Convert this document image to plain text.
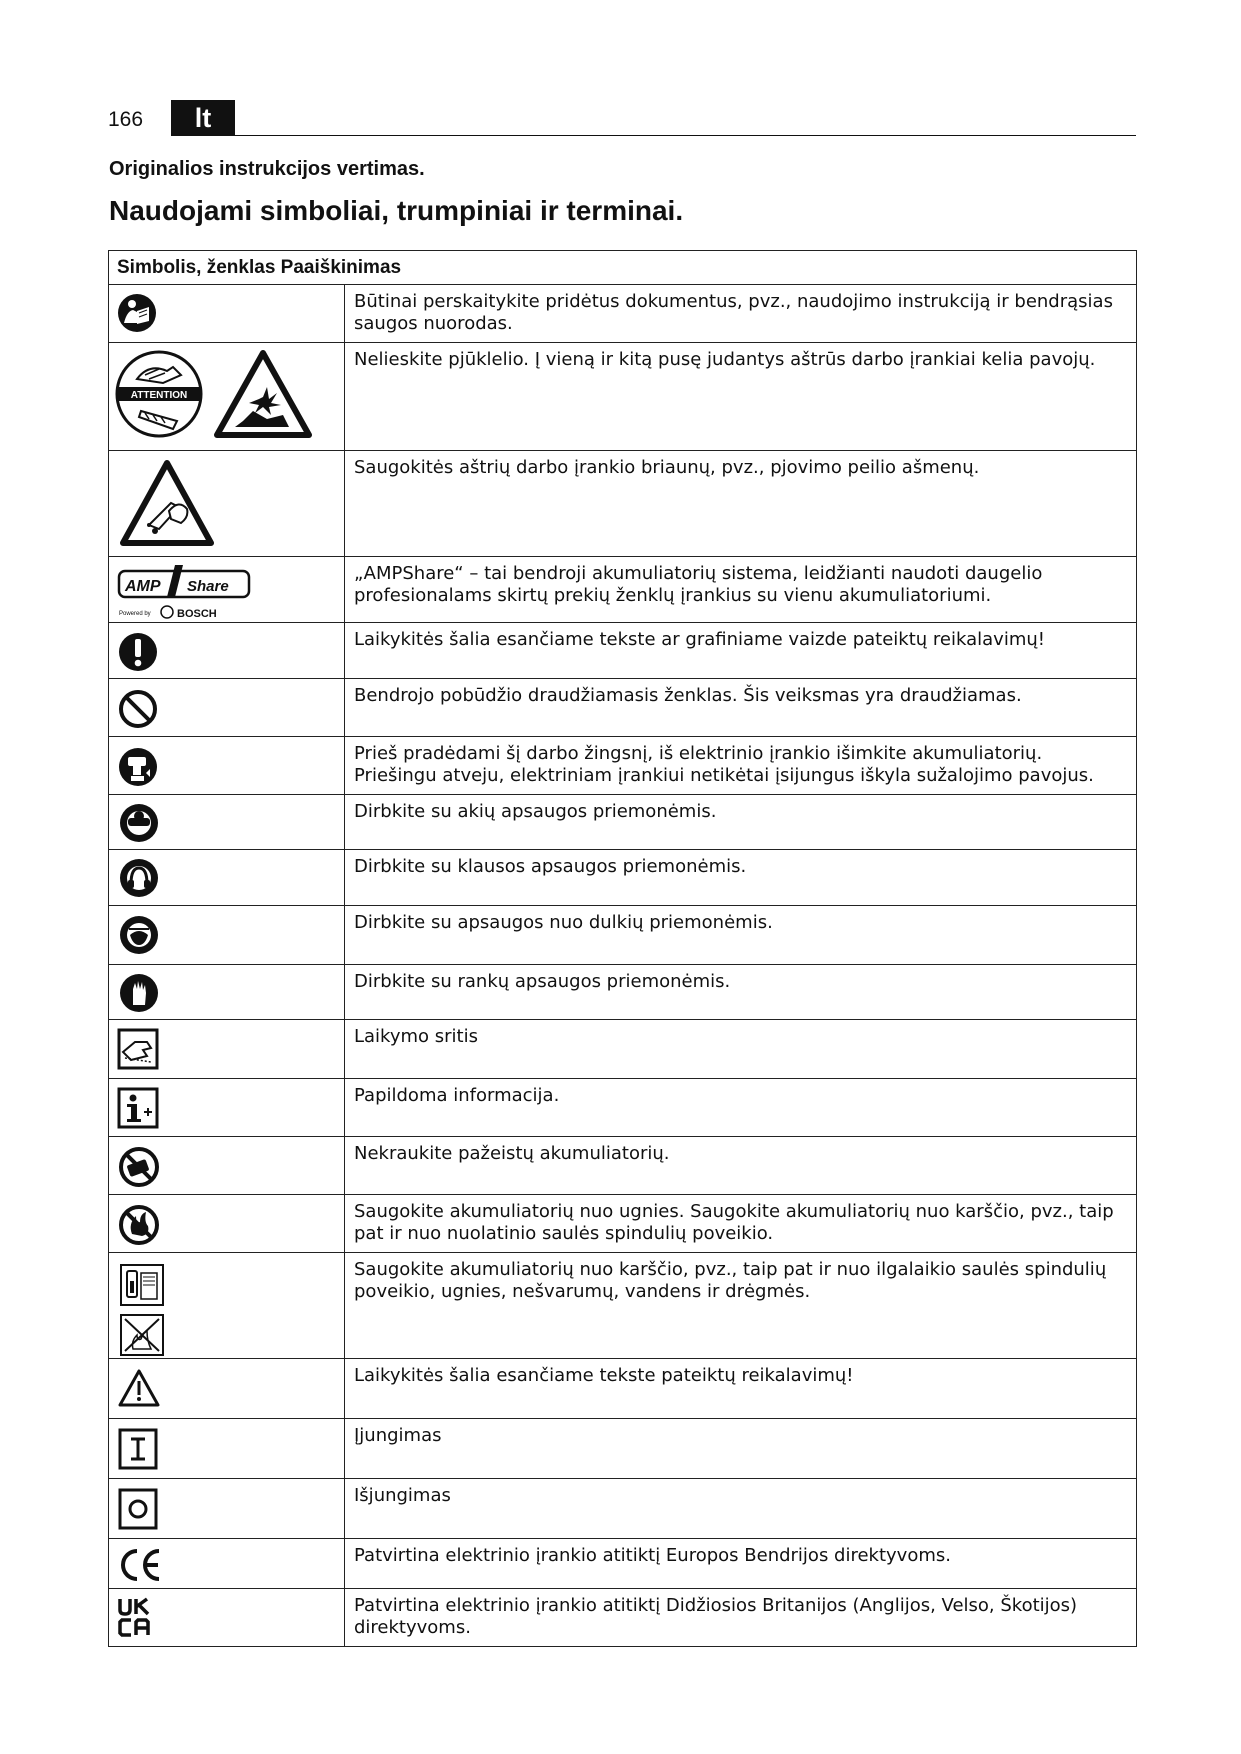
166	lt
Originalios instrukcijos vertimas.
Naudojami simboliai, trumpiniai ir terminai.
Simbolis, ženklas Paaiškinimas	

	Būtinai perskaitykite pridėtus dokumentus, pvz., naudojimo instrukciją ir bendrąsias saugos nuorodas.

ATTENTION	Nelieskite pjūklelio. Į vieną ir kitą pusę judantys aštrūs darbo įrankiai kelia pavojų.

	Saugokitės aštrių darbo įrankio briaunų, pvz., pjovimo peilio ašmenų.

AMP Share
Powered by BOSCH	„AMPShare“ – tai bendroji akumuliatorių sistema, leidžianti naudoti daugelio profesionalams skirtų prekių ženklų įrankius su vienu akumuliatoriumi.

	Laikykitės šalia esančiame tekste ar grafiniame vaizde pateiktų reikalavimų!

	Bendrojo pobūdžio draudžiamasis ženklas. Šis veiksmas yra draudžiamas.

	Prieš pradėdami šį darbo žingsnį, iš elektrinio įrankio išimkite akumuliatorių. Priešingu atveju, elektriniam įrankiui netikėtai įsijungus iškyla sužalojimo pavojus.

	Dirbkite su akių apsaugos priemonėmis.

	Dirbkite su klausos apsaugos priemonėmis.

	Dirbkite su apsaugos nuo dulkių priemonėmis.

	Dirbkite su rankų apsaugos priemonėmis.

	Laikymo sritis

	Papildoma informacija.

	Nekraukite pažeistų akumuliatorių.

	Saugokite akumuliatorių nuo ugnies. Saugokite akumuliatorių nuo karščio, pvz., taip pat ir nuo nuolatinio saulės spindulių poveikio.

	Saugokite akumuliatorių nuo karščio, pvz., taip pat ir nuo ilgalaikio saulės spindulių poveikio, ugnies, nešvarumų, vandens ir drėgmės.

	Laikykitės šalia esančiame tekste pateiktų reikalavimų!

	Įjungimas

	Išjungimas

	Patvirtina elektrinio įrankio atitiktį Europos Bendrijos direktyvoms.

	Patvirtina elektrinio įrankio atitiktį Didžiosios Britanijos (Anglijos, Velso, Škotijos) direktyvoms.
